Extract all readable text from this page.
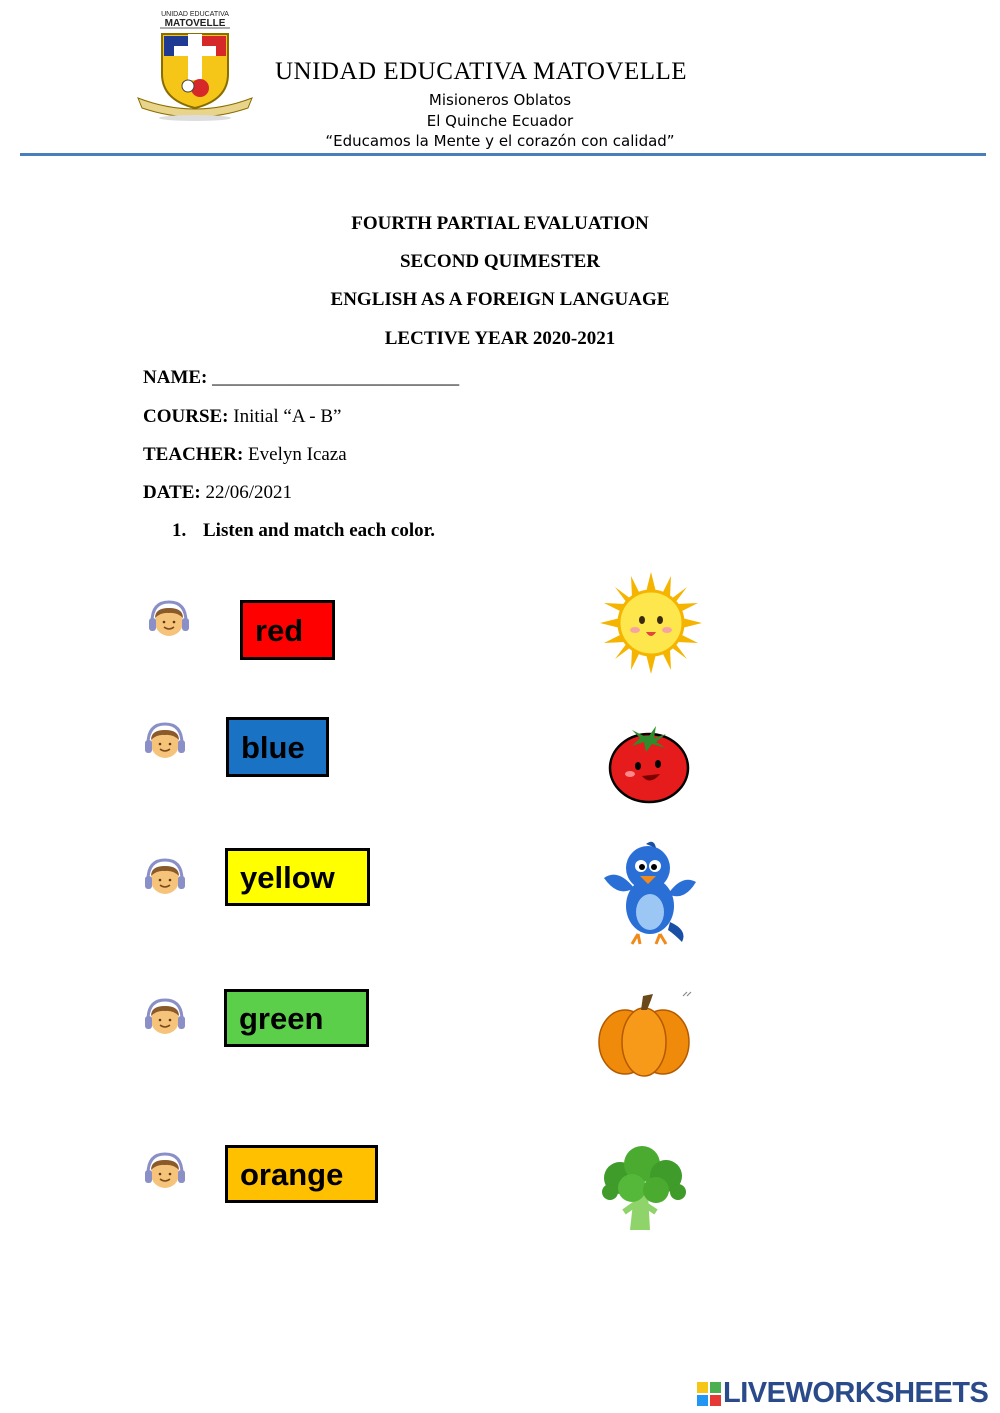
UNIDAD EDUCATIVA
MATOVELLE
UNIDAD EDUCATIVA MATOVELLE
Misioneros Oblatos
El Quinche Ecuador
“Educamos la Mente y el corazón con calidad”
FOURTH PARTIAL EVALUATION
SECOND QUIMESTER
ENGLISH AS A FOREIGN LANGUAGE
LECTIVE YEAR 2020-2021
NAME: __________________________
COURSE: Initial “A - B”
TEACHER: Evelyn Icaza
DATE: 22/06/2021
1. Listen and match each color.
red
blue
yellow
green
orange
LIVEWORKSHEETS
